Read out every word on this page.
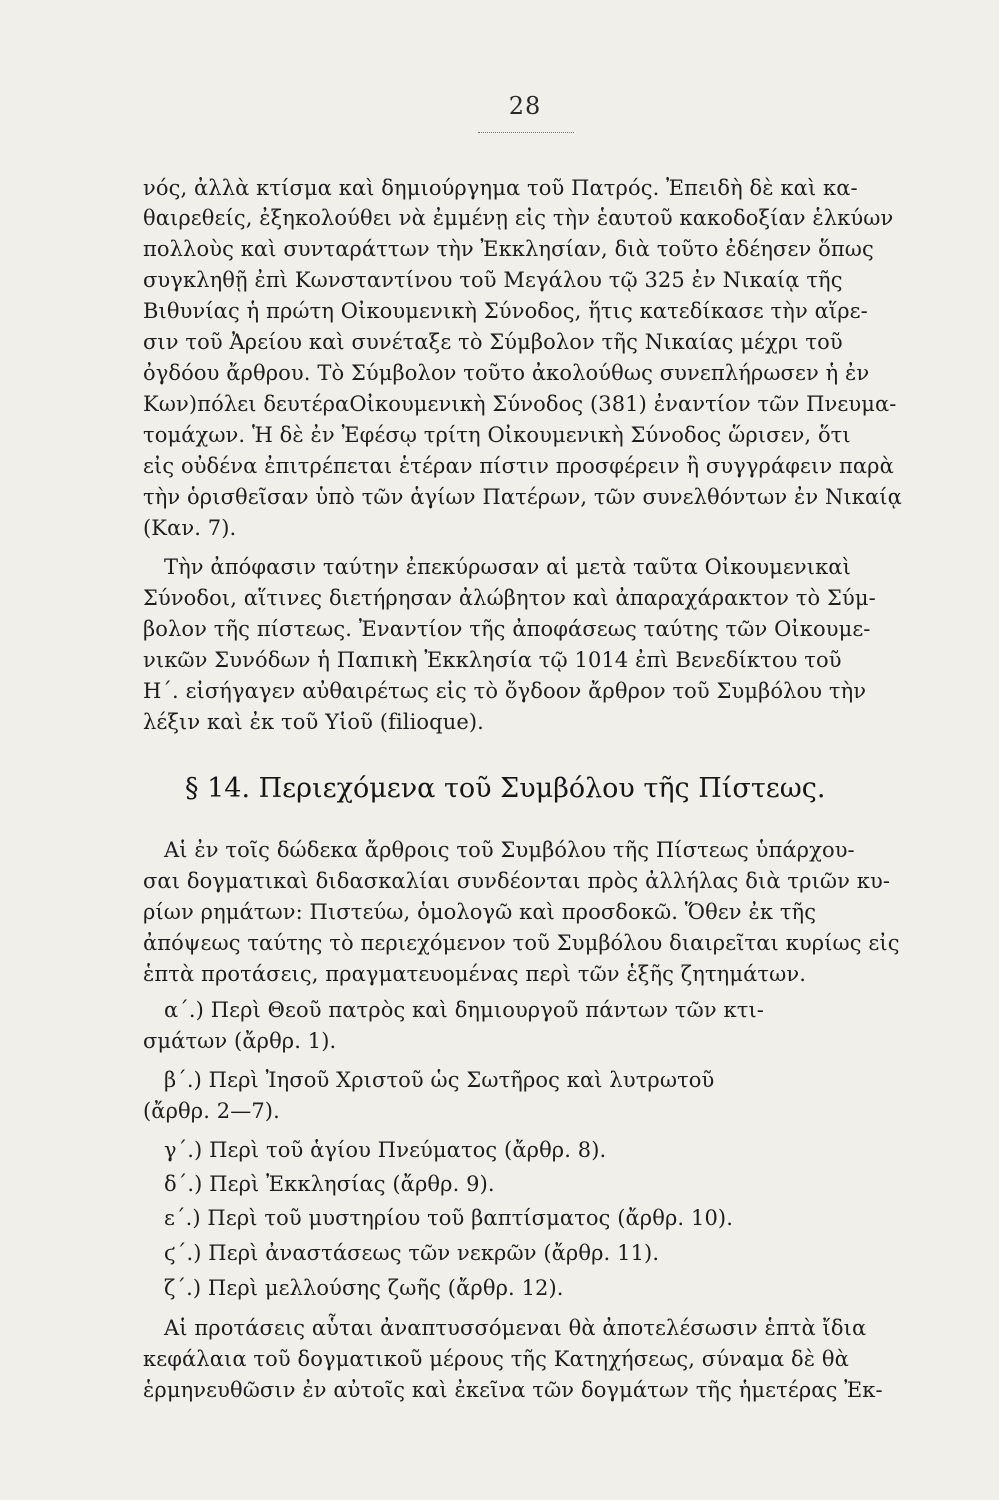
28
νός, ἀλλὰ κτίσμα καὶ δημιούργημα τοῦ Πατρός. Ἐπειδὴ δὲ καὶ κα-
θαιρεθείς, ἐξηκολούθει νὰ ἐμμένῃ εἰς τὴν ἑαυτοῦ κακοδοξίαν ἑλκύων
πολλοὺς καὶ συνταράττων τὴν Ἐκκλησίαν, διὰ τοῦτο ἐδέησεν ὅπως
συγκληθῇ ἐπὶ Κωνσταντίνου τοῦ Μεγάλου τῷ 325 ἐν Νικαίᾳ τῆς
Βιθυνίας ἡ πρώτη Οἰκουμενικὴ Σύνοδος, ἥτις κατεδίκασε τὴν αἵρε-
σιν τοῦ Ἀρείου καὶ συνέταξε τὸ Σύμβολον τῆς Νικαίας μέχρι τοῦ
ὀγδόου ἄρθρου. Τὸ Σύμβολον τοῦτο ἀκολούθως συνεπλήρωσεν ἡ ἐν
Κων)πόλει δευτέραΟἰκουμενικὴ Σύνοδος (381) ἐναντίον τῶν Πνευμα-
τομάχων. Ἡ δὲ ἐν Ἐφέσῳ τρίτη Οἰκουμενικὴ Σύνοδος ὥρισεν, ὅτι
εἰς οὐδένα ἐπιτρέπεται ἑτέραν πίστιν προσφέρειν ἢ συγγράφειν παρὰ
τὴν ὁρισθεῖσαν ὑπὸ τῶν ἁγίων Πατέρων, τῶν συνελθόντων ἐν Νικαίᾳ
(Καν. 7).
Τὴν ἀπόφασιν ταύτην ἐπεκύρωσαν αἱ μετὰ ταῦτα Οἰκουμενικαὶ
Σύνοδοι, αἵτινες διετήρησαν ἀλώβητον καὶ ἀπαραχάρακτον τὸ Σύμ-
βολον τῆς πίστεως. Ἐναντίον τῆς ἀποφάσεως ταύτης τῶν Οἰκουμε-
νικῶν Συνόδων ἡ Παπικὴ Ἐκκλησία τῷ 1014 ἐπὶ Βενεδίκτου τοῦ
Η΄. εἰσήγαγεν αὐθαιρέτως εἰς τὸ ὄγδοον ἄρθρον τοῦ Συμβόλου τὴν
λέξιν καὶ ἐκ τοῦ Υἱοῦ (filioque).
§ 14. Περιεχόμενα τοῦ Συμβόλου τῆς Πίστεως.
Αἱ ἐν τοῖς δώδεκα ἄρθροις τοῦ Συμβόλου τῆς Πίστεως ὑπάρχου-
σαι δογματικαὶ διδασκαλίαι συνδέονται πρὸς ἀλλήλας διὰ τριῶν κυ-
ρίων ρημάτων: Πιστεύω, ὁμολογῶ καὶ προσδοκῶ. Ὅθεν ἐκ τῆς
ἀπόψεως ταύτης τὸ περιεχόμενον τοῦ Συμβόλου διαιρεῖται κυρίως εἰς
ἑπτὰ προτάσεις, πραγματευομένας περὶ τῶν ἑξῆς ζητημάτων.
α΄.) Περὶ Θεοῦ πατρὸς καὶ δημιουργοῦ πάντων τῶν κτι-
σμάτων (ἄρθρ. 1).
β΄.) Περὶ Ἰησοῦ Χριστοῦ ὡς Σωτῆρος καὶ λυτρωτοῦ
(ἄρθρ. 2—7).
γ΄.) Περὶ τοῦ ἁγίου Πνεύματος (ἄρθρ. 8).
δ΄.) Περὶ Ἐκκλησίας (ἄρθρ. 9).
ε΄.) Περὶ τοῦ μυστηρίου τοῦ βαπτίσματος (ἄρθρ. 10).
ϛ΄.) Περὶ ἀναστάσεως τῶν νεκρῶν (ἄρθρ. 11).
ζ΄.) Περὶ μελλούσης ζωῆς (ἄρθρ. 12).
Αἱ προτάσεις αὗται ἀναπτυσσόμεναι θὰ ἀποτελέσωσιν ἑπτὰ ἴδια
κεφάλαια τοῦ δογματικοῦ μέρους τῆς Κατηχήσεως, σύναμα δὲ θὰ
ἑρμηνευθῶσιν ἐν αὐτοῖς καὶ ἐκεῖνα τῶν δογμάτων τῆς ἡμετέρας Ἐκ-
